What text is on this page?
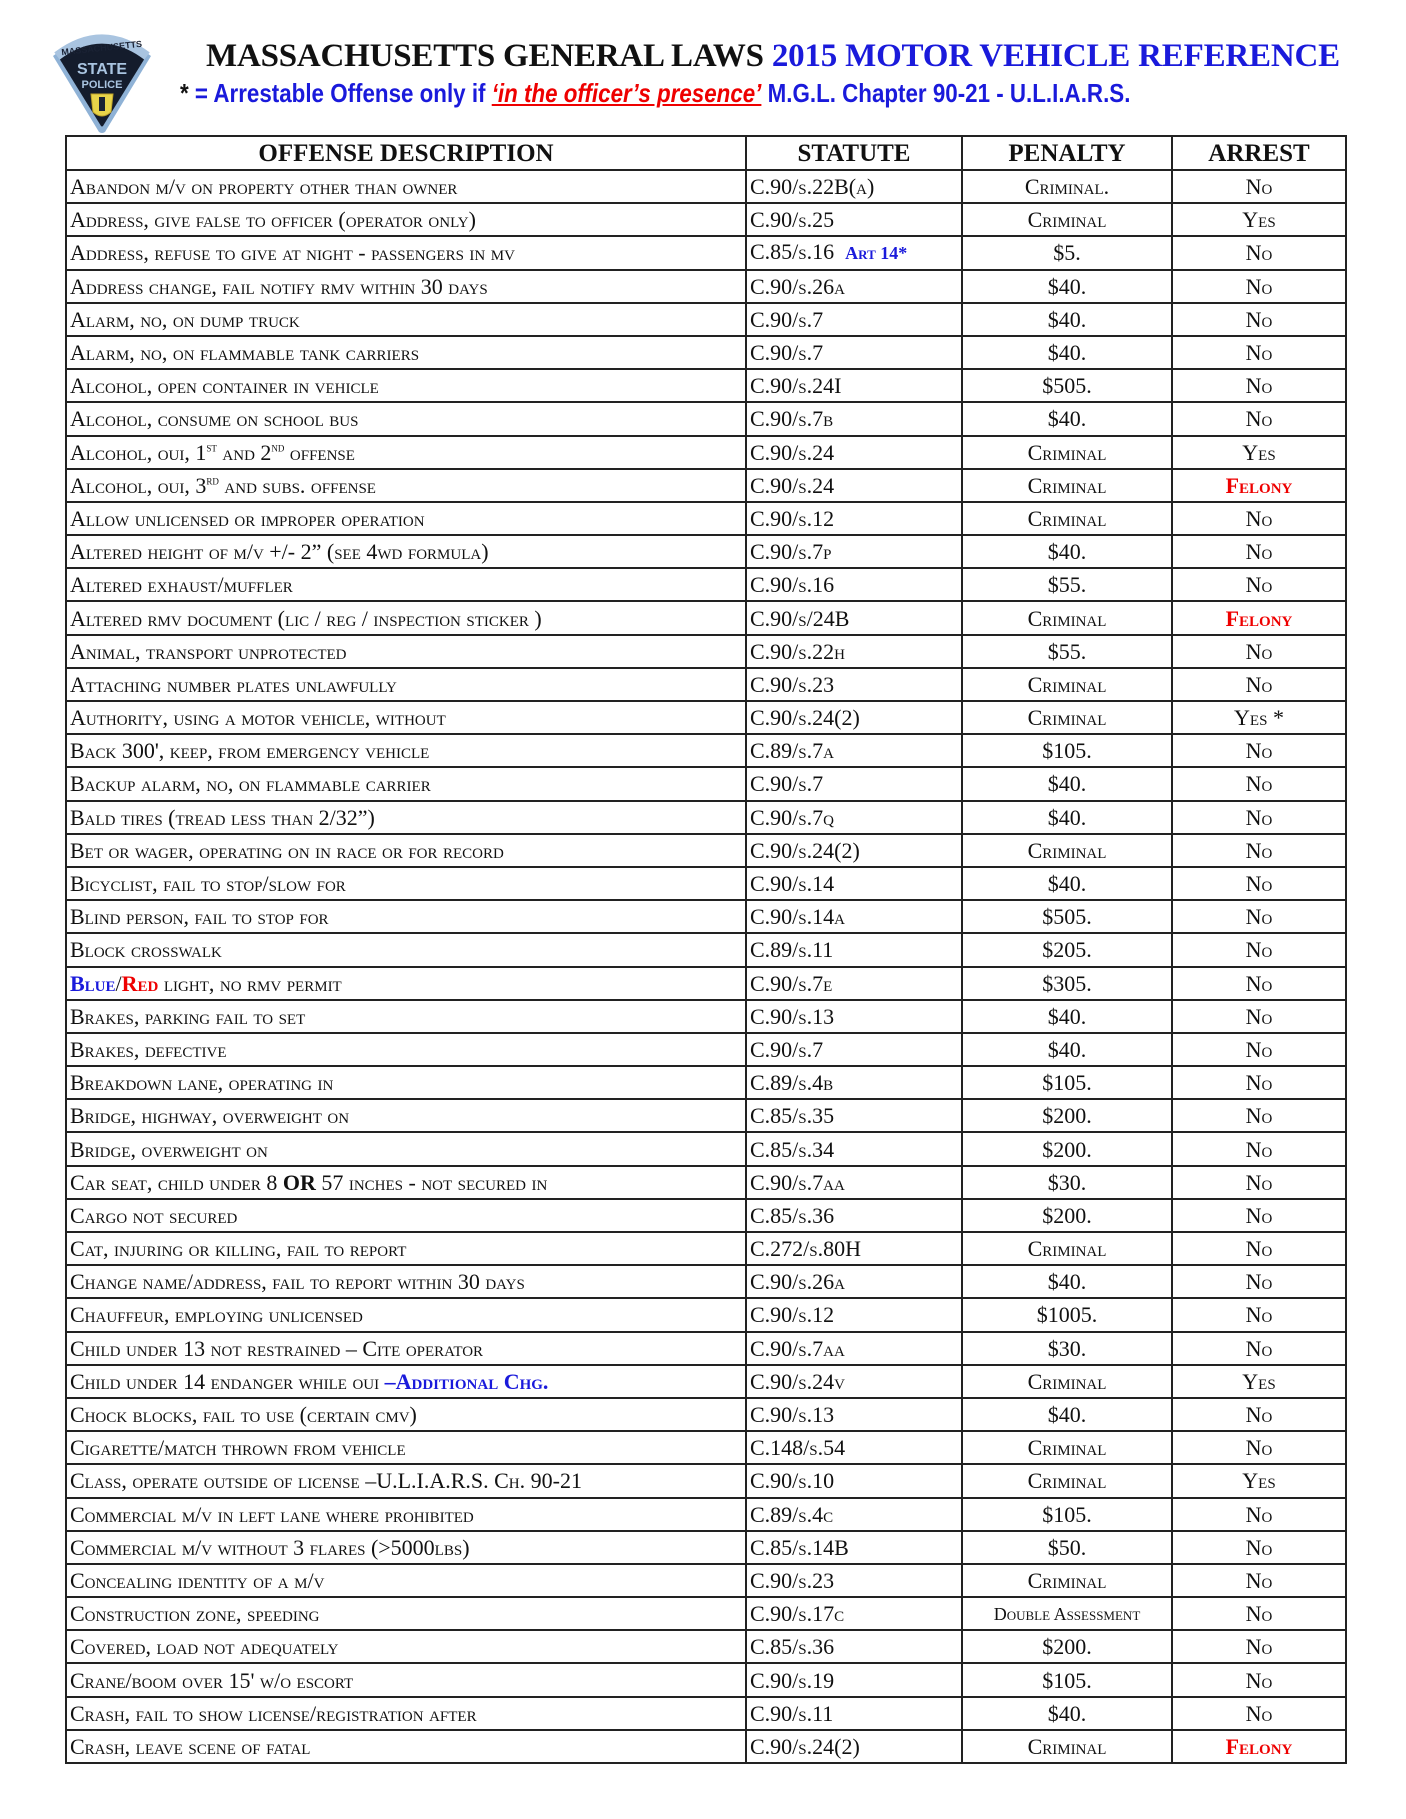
MASSACHUSETTS
STATE
POLICE
MASSACHUSETTS GENERAL LAWS 2015 MOTOR VEHICLE REFERENCE
* = Arrestable Offense only if ‘in the officer’s presence’ M.G.L. Chapter 90-21 - U.L.I.A.R.S.
OFFENSE DESCRIPTION	STATUTE	PENALTY	ARREST
Abandon m/v on property other than owner	C.90/s.22B(a)	Criminal.	No
Address, give false to officer (operator only)	C.90/s.25	Criminal	Yes
Address, refuse to give at night - passengers in mv	C.85/s.16 Art 14*	$5.	No
Address change, fail notify rmv within 30 days	C.90/s.26a	$40.	No
Alarm, no, on dump truck	C.90/s.7	$40.	No
Alarm, no, on flammable tank carriers	C.90/s.7	$40.	No
Alcohol, open container in vehicle	C.90/s.24I	$505.	No
Alcohol, consume on school bus	C.90/s.7b	$40.	No
Alcohol, oui, 1st and 2nd offense	C.90/s.24	Criminal	Yes
Alcohol, oui, 3rd and subs. offense	C.90/s.24	Criminal	Felony
Allow unlicensed or improper operation	C.90/s.12	Criminal	No
Altered height of m/v +/- 2” (see 4wd formula)	C.90/s.7p	$40.	No
Altered exhaust/muffler	C.90/s.16	$55.	No
Altered rmv document (lic / reg / inspection sticker )	C.90/s/24B	Criminal	Felony
Animal, transport unprotected	C.90/s.22h	$55.	No
Attaching number plates unlawfully	C.90/s.23	Criminal	No
Authority, using a motor vehicle, without	C.90/s.24(2)	Criminal	Yes *
Back 300', keep, from emergency vehicle	C.89/s.7a	$105.	No
Backup alarm, no, on flammable carrier	C.90/s.7	$40.	No
Bald tires (tread less than 2/32”)	C.90/s.7q	$40.	No
Bet or wager, operating on in race or for record	C.90/s.24(2)	Criminal	No
Bicyclist, fail to stop/slow for	C.90/s.14	$40.	No
Blind person, fail to stop for	C.90/s.14a	$505.	No
Block crosswalk	C.89/s.11	$205.	No
Blue/Red light, no rmv permit	C.90/s.7e	$305.	No
Brakes, parking fail to set	C.90/s.13	$40.	No
Brakes, defective	C.90/s.7	$40.	No
Breakdown lane, operating in	C.89/s.4b	$105.	No
Bridge, highway, overweight on	C.85/s.35	$200.	No
Bridge, overweight on	C.85/s.34	$200.	No
Car seat, child under 8 OR 57 inches - not secured in	C.90/s.7aa	$30.	No
Cargo not secured	C.85/s.36	$200.	No
Cat, injuring or killing, fail to report	C.272/s.80H	Criminal	No
Change name/address, fail to report within 30 days	C.90/s.26a	$40.	No
Chauffeur, employing unlicensed	C.90/s.12	$1005.	No
Child under 13 not restrained – Cite operator	C.90/s.7aa	$30.	No
Child under 14 endanger while oui –Additional Chg.	C.90/s.24v	Criminal	Yes
Chock blocks, fail to use (certain cmv)	C.90/s.13	$40.	No
Cigarette/match thrown from vehicle	C.148/s.54	Criminal	No
Class, operate outside of license –U.L.I.A.R.S. Ch. 90-21	C.90/s.10	Criminal	Yes
Commercial m/v in left lane where prohibited	C.89/s.4c	$105.	No
Commercial m/v without 3 flares (>5000lbs)	C.85/s.14B	$50.	No
Concealing identity of a m/v	C.90/s.23	Criminal	No
Construction zone, speeding	C.90/s.17c	Double Assessment	No
Covered, load not adequately	C.85/s.36	$200.	No
Crane/boom over 15' w/o escort	C.90/s.19	$105.	No
Crash, fail to show license/registration after	C.90/s.11	$40.	No
Crash, leave scene of fatal	C.90/s.24(2)	Criminal	Felony
